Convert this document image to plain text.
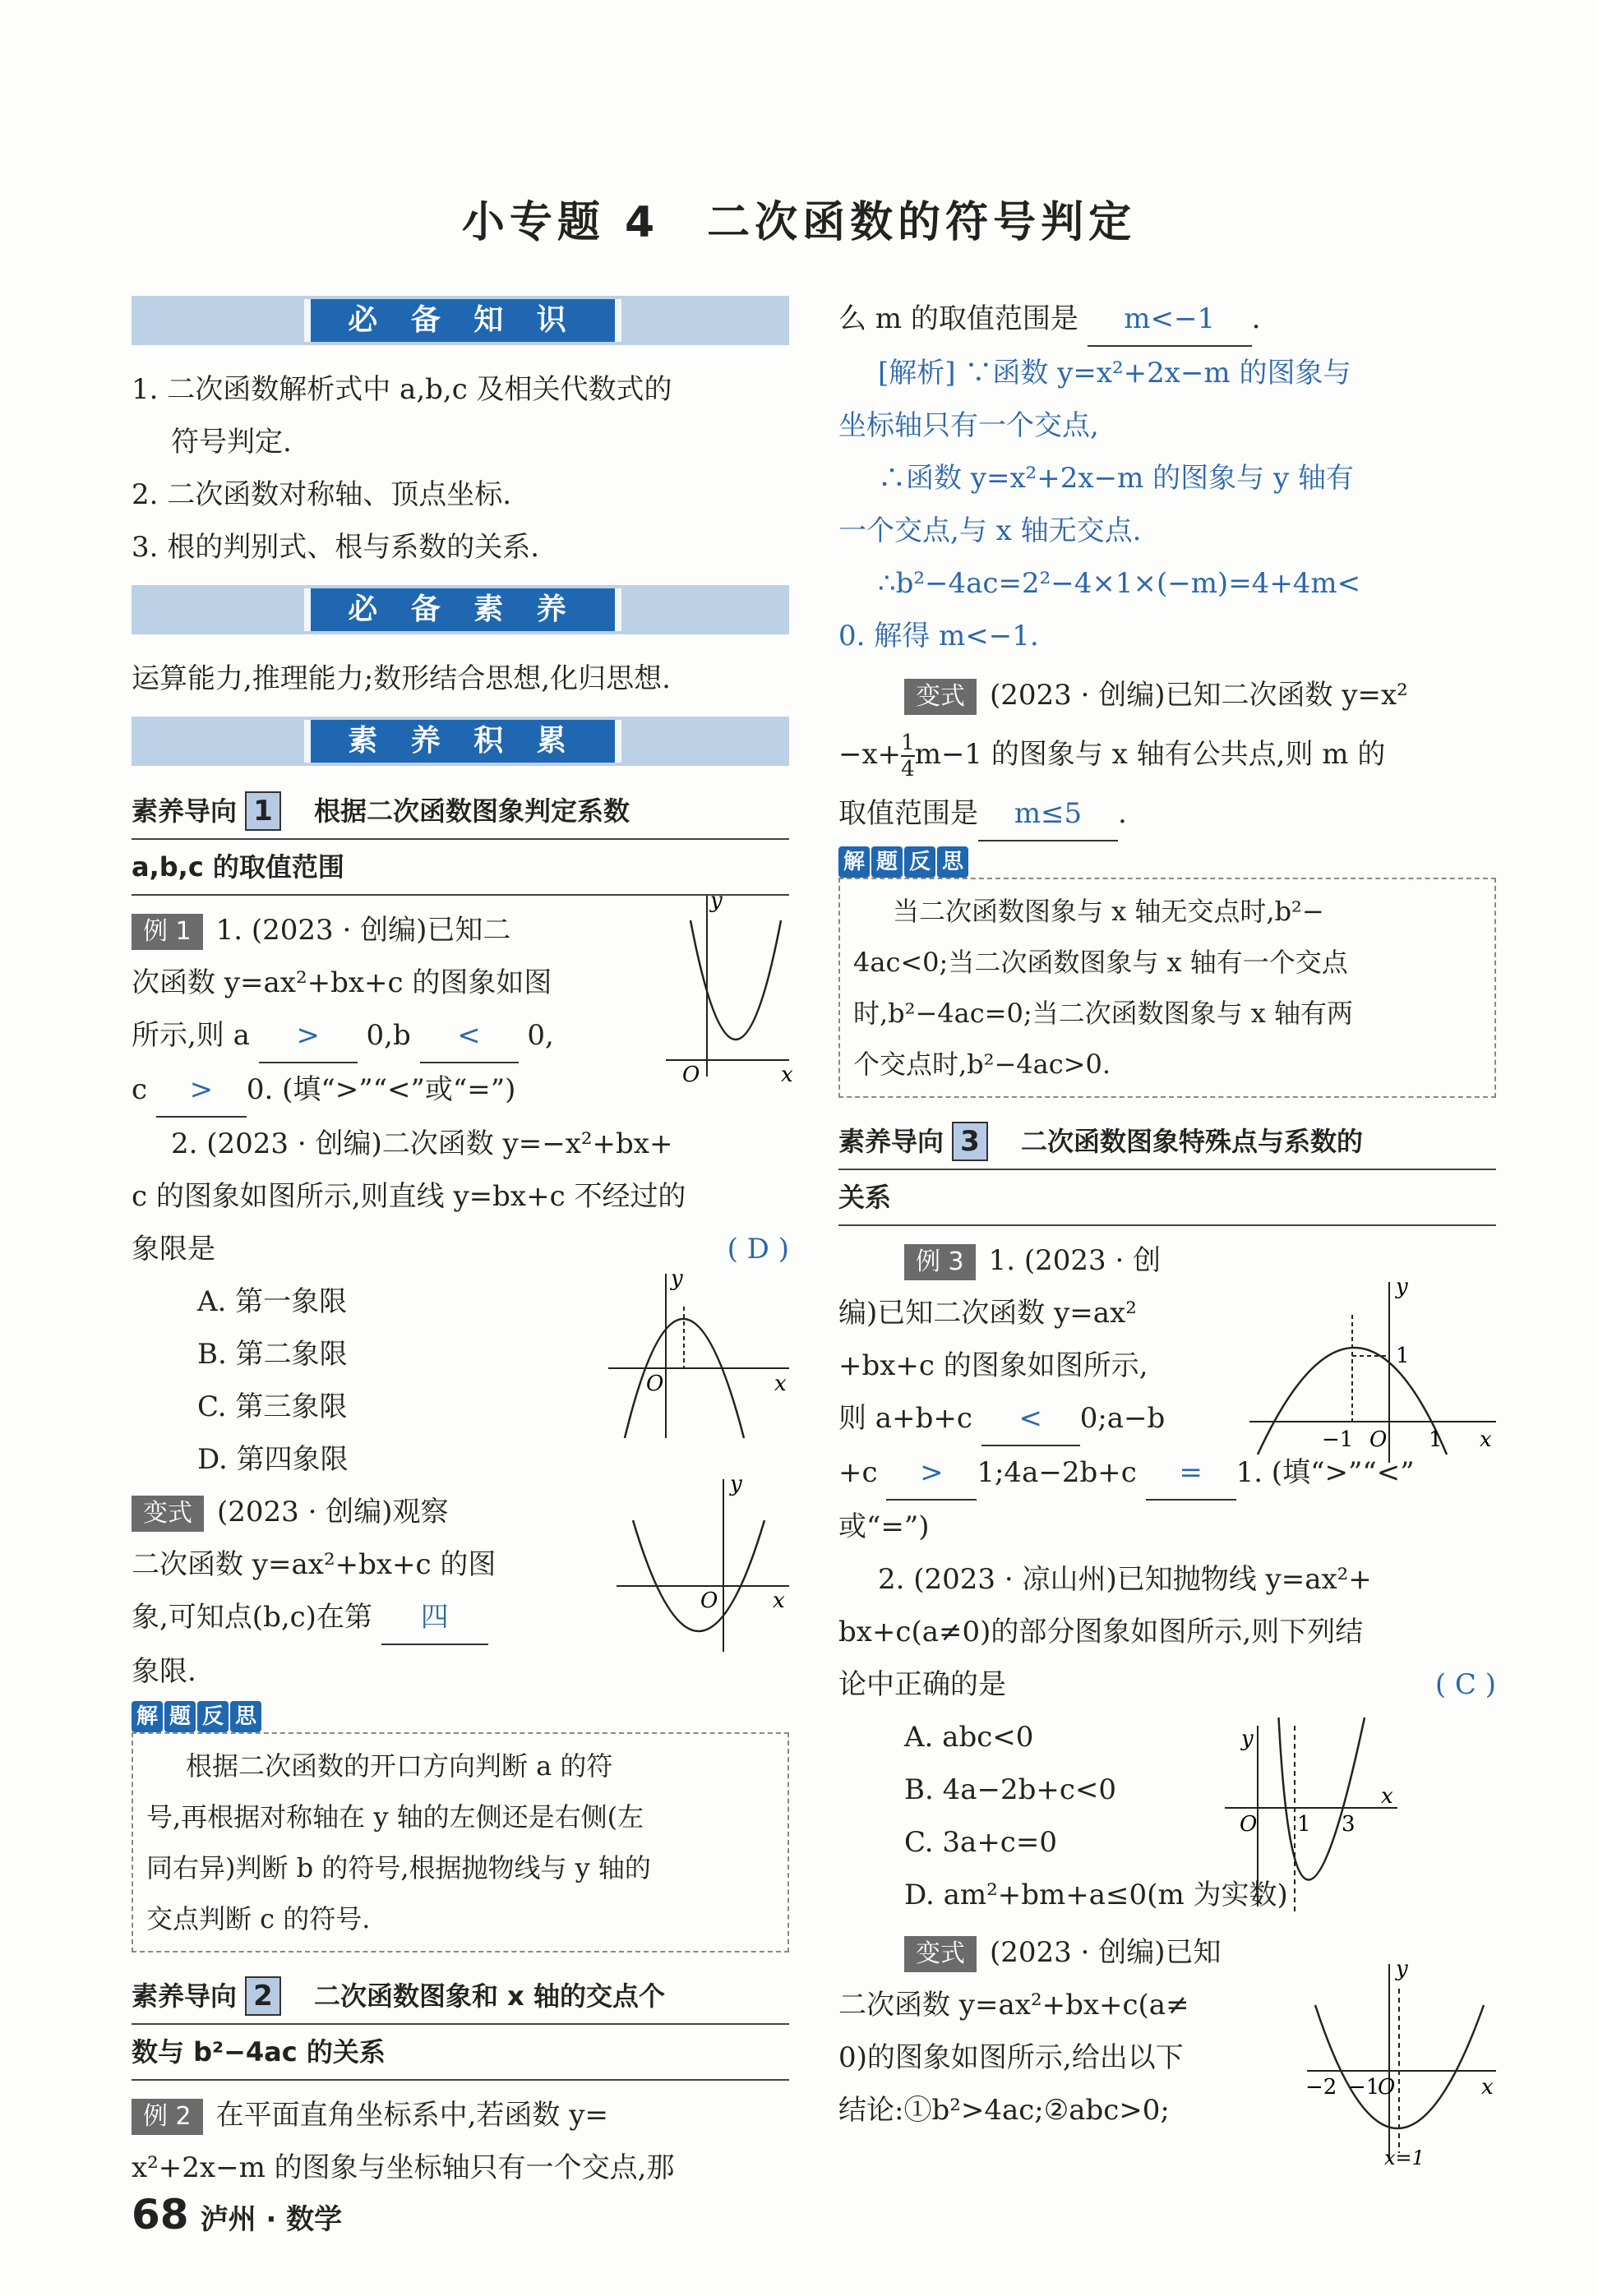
小专题 4　二次函数的符号判定
必 备 知 识

1. 二次函数解析式中 a,b,c 及相关代数式的

符号判定.

2. 二次函数对称轴、顶点坐标.

3. 根的判别式、根与系数的关系.

必 备 素 养

运算能力,推理能力;数形结合思想,化归思想.

素 养 积 累
素养导向 1 根据二次函数图象判定系数
a,b,c 的取值范围

例 1 1. (2023 · 创编)已知二

次函数 y=ax²+bx+c 的图象如图

所示,则 a > 0,b < 0,

c > 0. (填“>”“<”或“=”)

2. (2023 · 创编)二次函数 y=−x²+bx+

c 的图象如图所示,则直线 y=bx+c 不经过的

象限是	( D )

A. 第一象限

B. 第二象限

C. 第三象限

D. 第四象限

变式 (2023 · 创编)观察

二次函数 y=ax²+bx+c 的图

象,可知点(b,c)在第 四

象限.

解 题 反 思

根据二次函数的开口方向判断 a 的符

号,再根据对称轴在 y 轴的左侧还是右侧(左

同右异)判断 b 的符号,根据抛物线与 y 轴的

交点判断 c 的符号.

素养导向 2 二次函数图象和 x 轴的交点个
数与 b²−4ac 的关系

例 2 在平面直角坐标系中,若函数 y=

x²+2x−m 的图象与坐标轴只有一个交点,那

么 m 的取值范围是 m<−1 .

[解析] ∵函数 y=x²+2x−m 的图象与

坐标轴只有一个交点,

∴函数 y=x²+2x−m 的图象与 y 轴有

一个交点,与 x 轴无交点.

∴b²−4ac=2²−4×1×(−m)=4+4m<

0. 解得 m<−1.

变式 (2023 · 创编)已知二次函数 y=x²

$-x+ \frac{1}{4} m-1$ 的图象与 x 轴有公共点,则 m 的

取值范围是 m≤5 .

解 题 反 思

当二次函数图象与 x 轴无交点时,b²−

4ac<0;当二次函数图象与 x 轴有一个交点

时,b²−4ac=0;当二次函数图象与 x 轴有两

个交点时,b²−4ac>0.

素养导向 3 二次函数图象特殊点与系数的
关系

例 3 1. (2023 · 创

编)已知二次函数 y=ax²

+bx+c 的图象如图所示,

则 a+b+c < 0;a−b

+c > 1;4a−2b+c = 1. (填“>”“<”

或“=”)

2. (2023 · 凉山州)已知抛物线 y=ax²+

bx+c(a≠0)的部分图象如图所示,则下列结

论中正确的是	( C )

A. abc<0

B. 4a−2b+c<0

C. 3a+c=0

D. am²+bm+a≤0(m 为实数)

变式 (2023 · 创编)已知

二次函数 y=ax²+bx+c(a≠

0)的图象如图所示,给出以下

结论:①b²>4ac;②abc>0;

y
x
O
y
x
O
y
x
O
y
x
O
−1	1
1
y
x
O 1 3
y
x
O
−2 −1
x=1
68 泸州 · 数学
